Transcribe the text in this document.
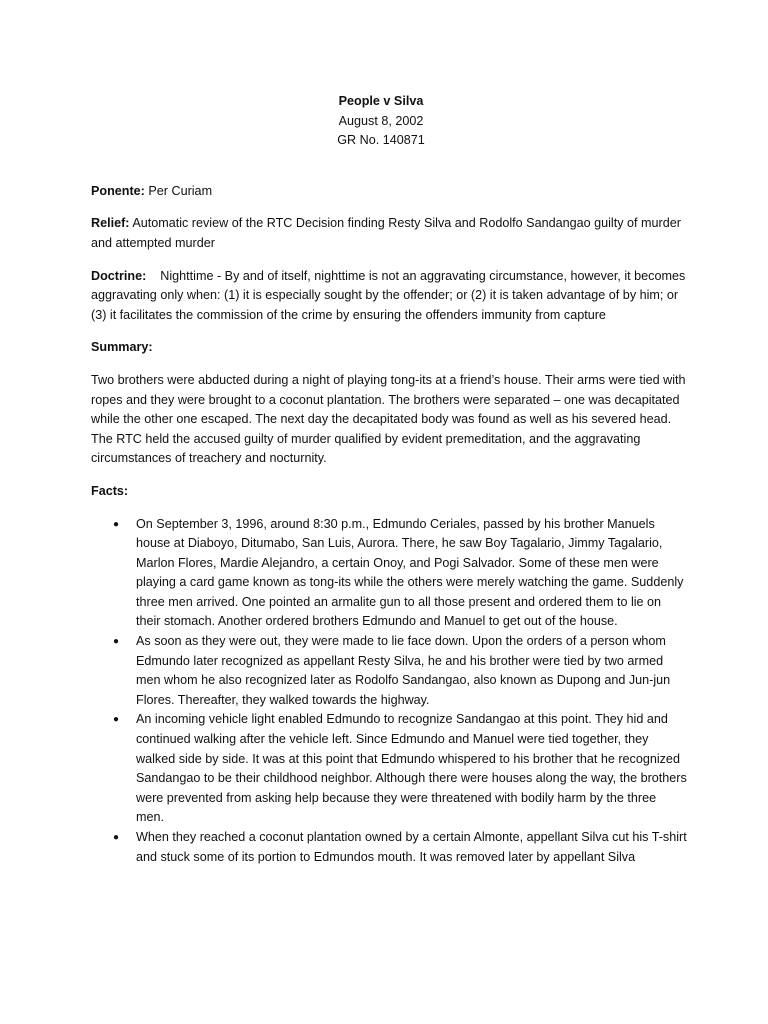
People v Silva
August 8, 2002
GR No. 140871

Ponente: Per Curiam

Relief: Automatic review of the RTC Decision finding Resty Silva and Rodolfo Sandangao guilty of murder and attempted murder

Doctrine: Nighttime - By and of itself, nighttime is not an aggravating circumstance, however, it becomes aggravating only when: (1) it is especially sought by the offender; or (2) it is taken advantage of by him; or (3) it facilitates the commission of the crime by ensuring the offenders immunity from capture

Summary:

Two brothers were abducted during a night of playing tong-its at a friend’s house. Their arms were tied with ropes and they were brought to a coconut plantation. The brothers were separated – one was decapitated while the other one escaped. The next day the decapitated body was found as well as his severed head. The RTC held the accused guilty of murder qualified by evident premeditation, and the aggravating circumstances of treachery and nocturnity.

Facts:

● On September 3, 1996, around 8:30 p.m., Edmundo Ceriales, passed by his brother Manuels house at Diaboyo, Ditumabo, San Luis, Aurora. There, he saw Boy Tagalario, Jimmy Tagalario, Marlon Flores, Mardie Alejandro, a certain Onoy, and Pogi Salvador. Some of these men were playing a card game known as tong-its while the others were merely watching the game. Suddenly three men arrived. One pointed an armalite gun to all those present and ordered them to lie on their stomach. Another ordered brothers Edmundo and Manuel to get out of the house.
● As soon as they were out, they were made to lie face down. Upon the orders of a person whom Edmundo later recognized as appellant Resty Silva, he and his brother were tied by two armed men whom he also recognized later as Rodolfo Sandangao, also known as Dupong and Jun-jun Flores. Thereafter, they walked towards the highway.
● An incoming vehicle light enabled Edmundo to recognize Sandangao at this point. They hid and continued walking after the vehicle left. Since Edmundo and Manuel were tied together, they walked side by side. It was at this point that Edmundo whispered to his brother that he recognized Sandangao to be their childhood neighbor. Although there were houses along the way, the brothers were prevented from asking help because they were threatened with bodily harm by the three men.
● When they reached a coconut plantation owned by a certain Almonte, appellant Silva cut his T-shirt and stuck some of its portion to Edmundos mouth. It was removed later by appellant Silva
